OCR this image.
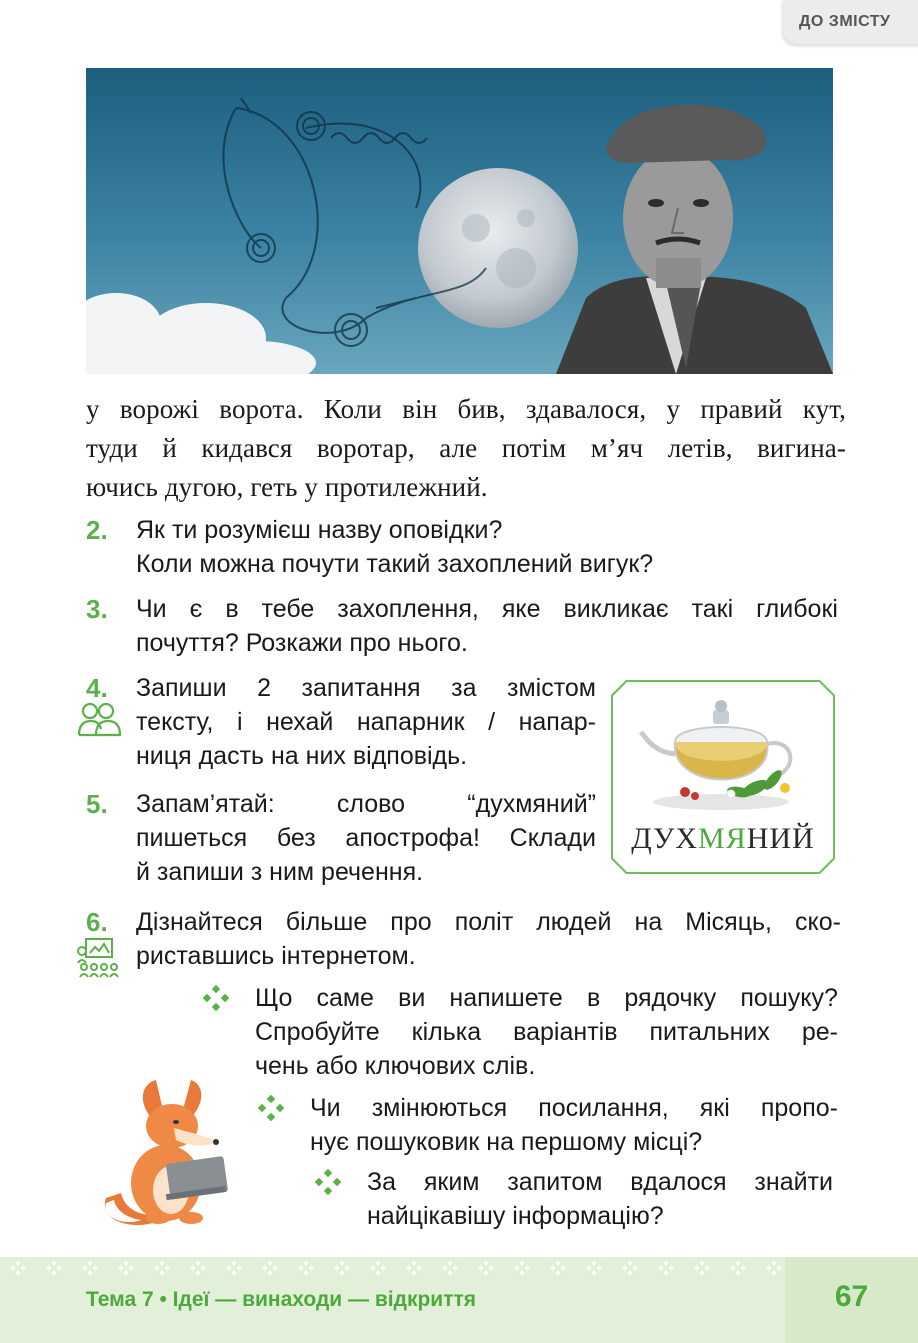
ДО ЗМІСТУ
у ворожі ворота. Коли він бив, здавалося, у правий кут,
туди й кидався воротар, але потім м’яч летів, вигина-
ючись дугою, геть у протилежний.
2. Як ти розумієш назву оповідки?
Коли можна почути такий захоплений вигук?
3. Чи є в тебе захоплення, яке викликає такі глибокі
почуття? Розкажи про нього.
4. Запиши 2 запитання за змістом
тексту, і нехай напарник / напар-
ниця дасть на них відповідь.
5. Запам’ятай: слово “духмяний”
пишеться без апострофа! Склади
й запиши з ним речення.
ДУХМЯНИЙ
6. Дізнайтеся більше про політ людей на Місяць, ско-
риставшись інтернетом.
Що саме ви напишете в рядочку пошуку?
Спробуйте кілька варіантів питальних ре-
чень або ключових слів.
Чи змінюються посилання, які пропо-
нує пошуковик на першому місці?
За яким запитом вдалося знайти
найцікавішу інформацію?
Тема 7 • Ідеї — винаходи — відкриття	67
